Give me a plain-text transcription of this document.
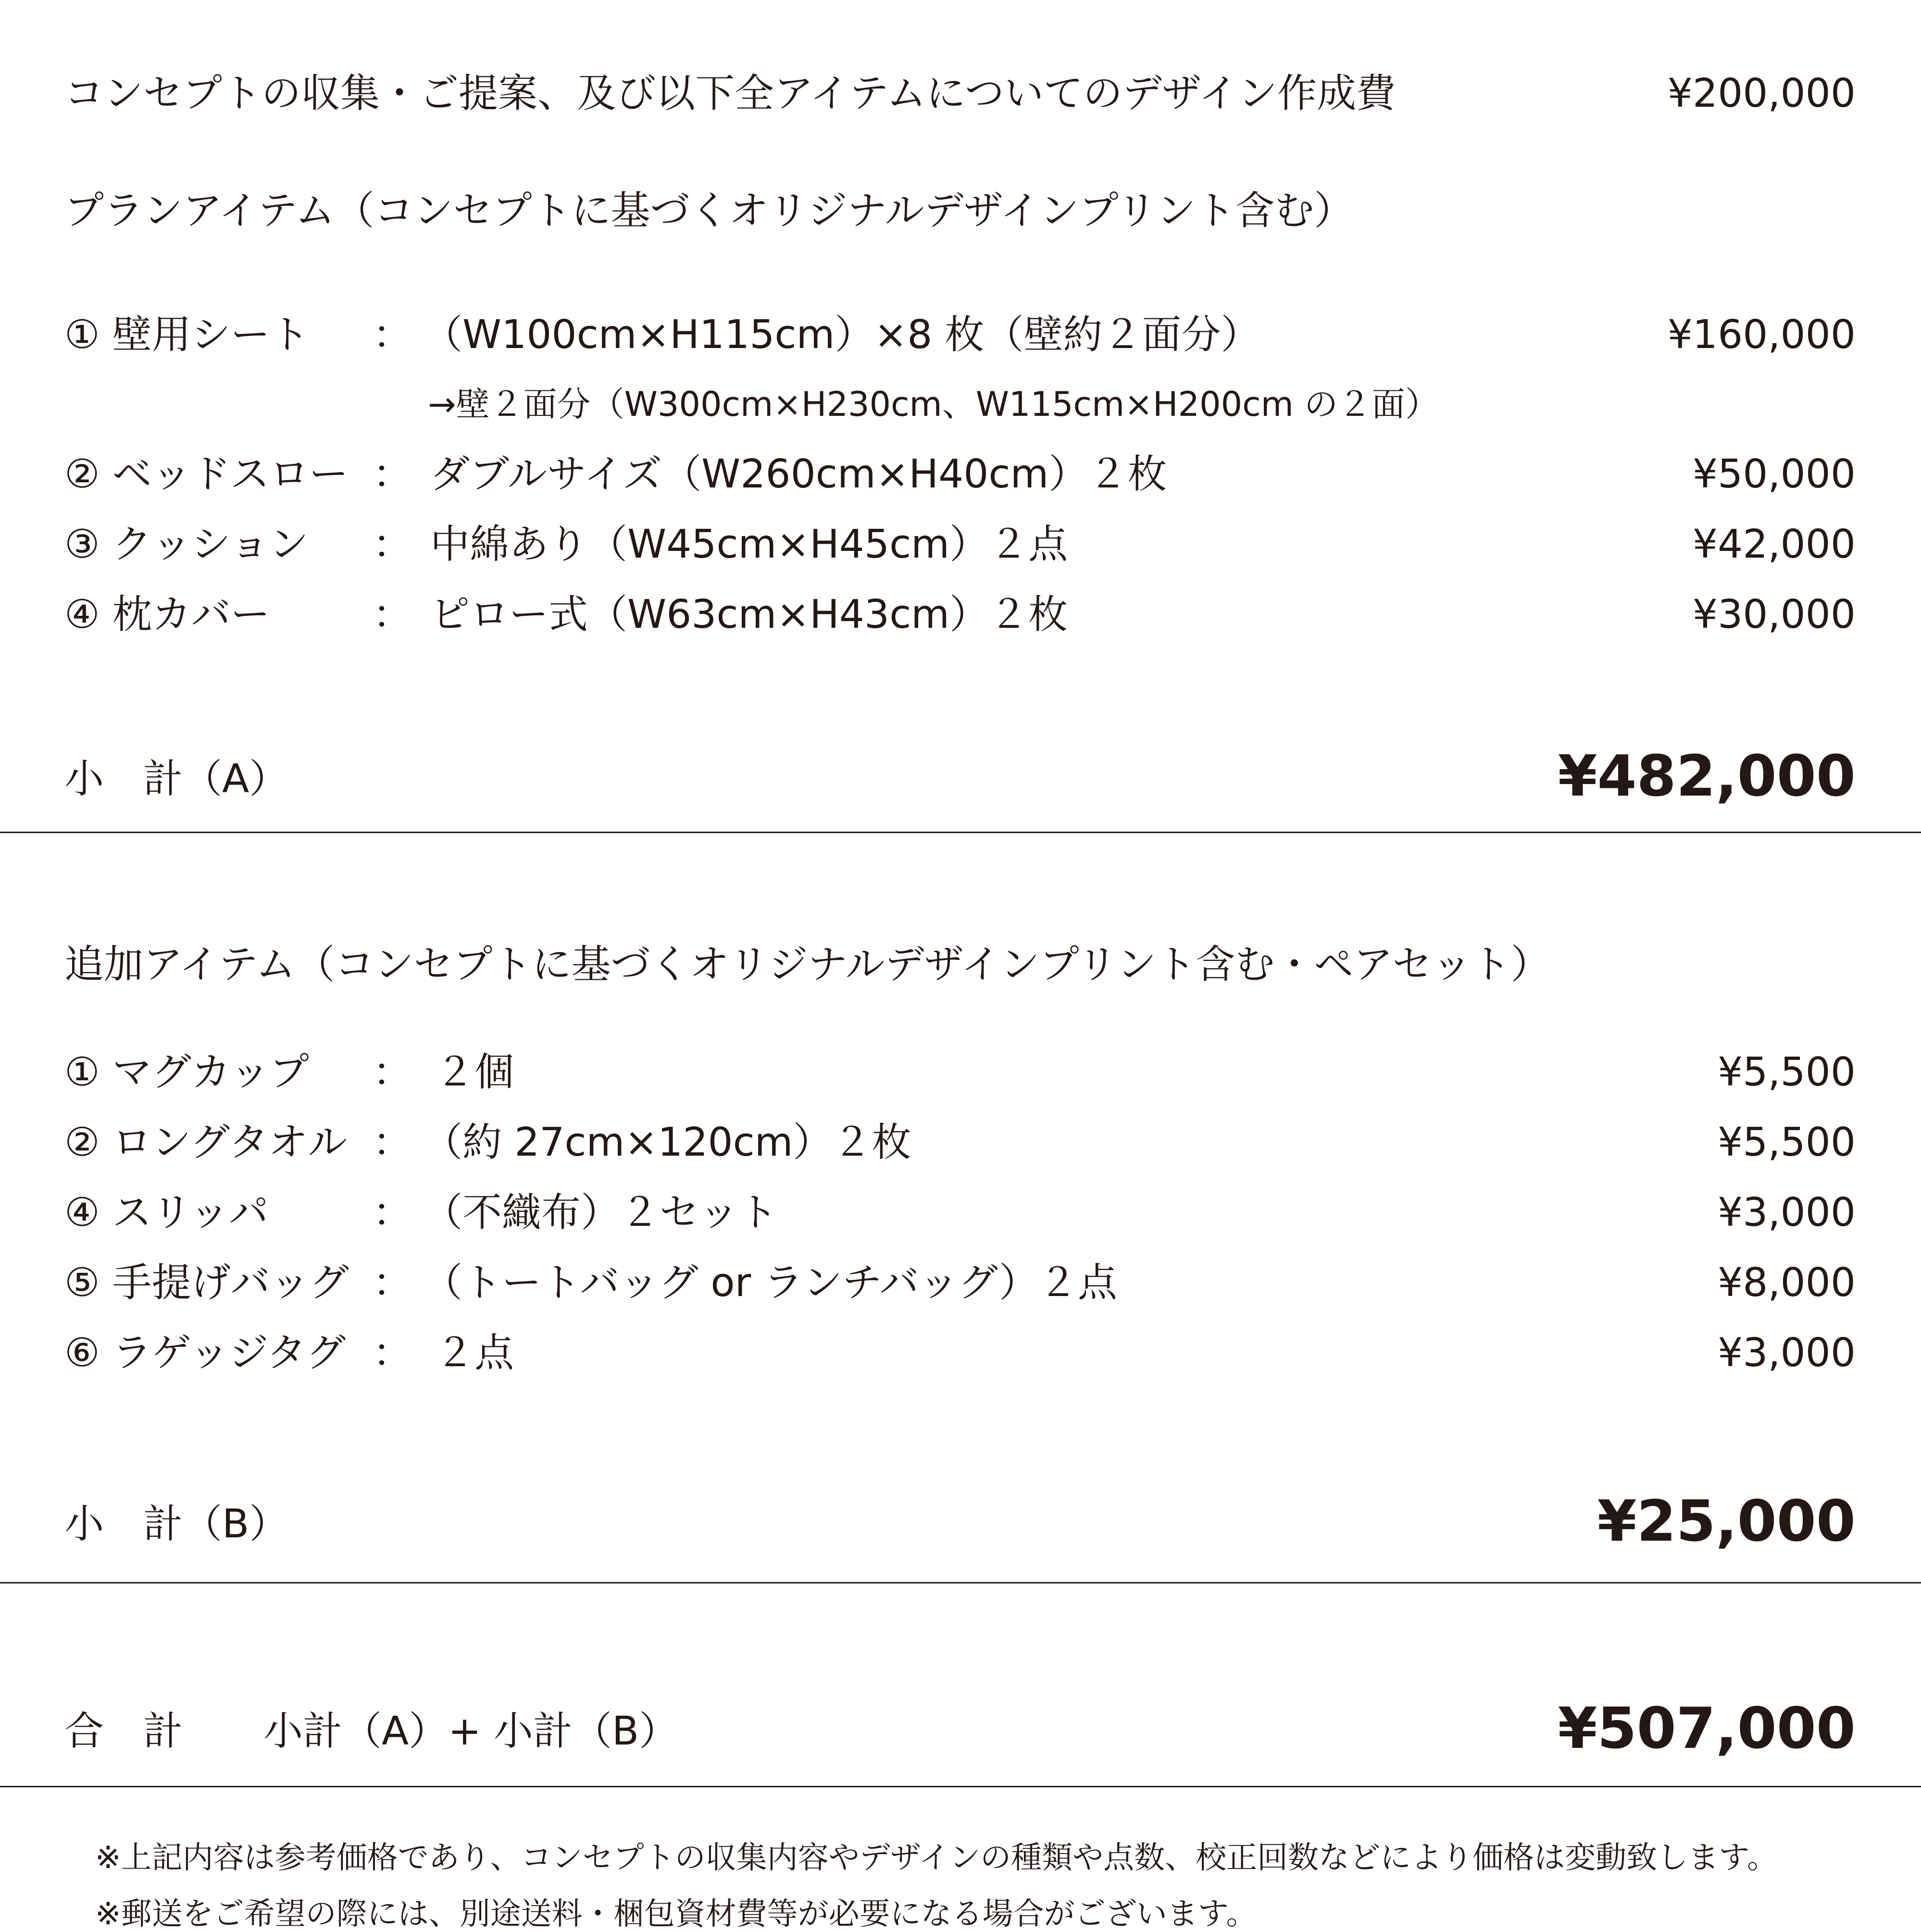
コンセプトの収集・ご提案、及び以下全アイテムについてのデザイン作成費	¥200,000
プランアイテム（コンセプトに基づくオリジナルデザインプリント含む）
① 壁用シート ： （W100cm×H115cm）×8 枚（壁約２面分）	¥160,000
→壁２面分（W300cm×H230cm、W115cm×H200cm の２面）
② ベッドスロー ： ダブルサイズ（W260cm×H40cm）２枚	¥50,000
③ クッション ： 中綿あり（W45cm×H45cm）２点	¥42,000
④ 枕カバー	： ピロー式（W63cm×H43cm）２枚	¥30,000
小　計（A）	¥482,000
追加アイテム（コンセプトに基づくオリジナルデザインプリント含む・ペアセット）
① マグカップ ： ２個	¥5,500
② ロングタオル ： （約 27cm×120cm）２枚	¥5,500
④ スリッパ	： （不織布）２セット	¥3,000
⑤ 手提げバッグ ： （トートバッグ or ランチバッグ）２点	¥8,000
⑥ ラゲッジタグ ： ２点	¥3,000
小　計（B）	¥25,000
合　計 小計（A）+ 小計（B）	¥507,000
※上記内容は参考価格であり、コンセプトの収集内容やデザインの種類や点数、校正回数などにより価格は変動致します。
※郵送をご希望の際には、別途送料・梱包資材費等が必要になる場合がございます。
